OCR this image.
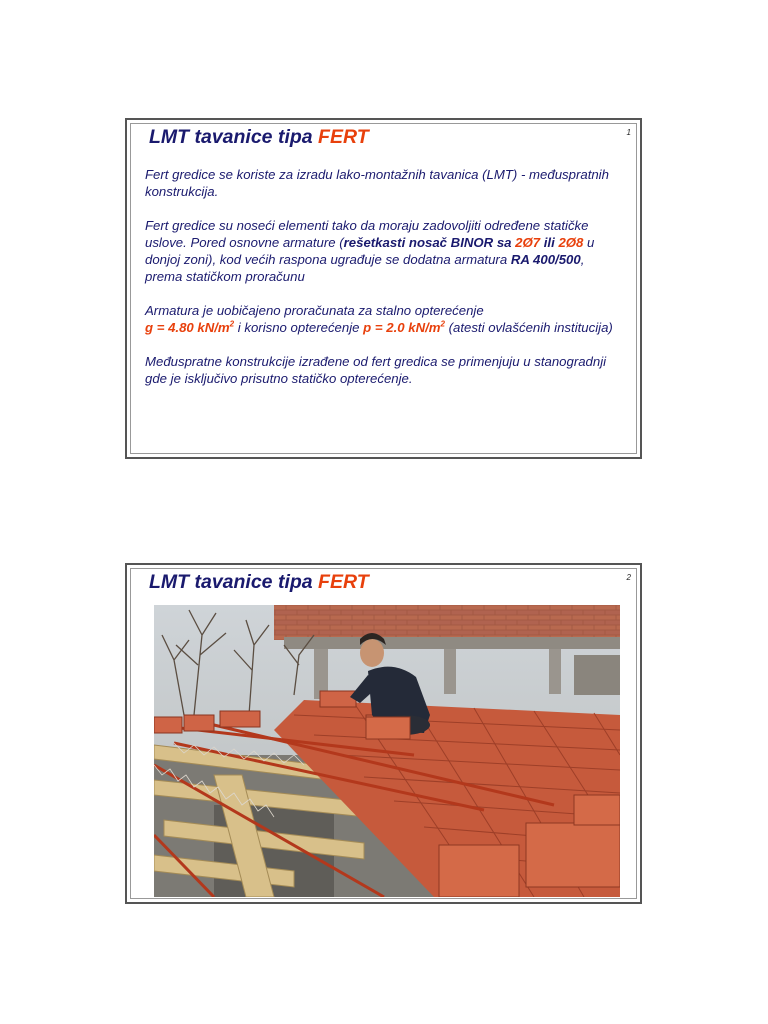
LMT tavanice tipa FERT	1

Fert gredice se koriste za izradu lako-montažnih tavanica (LMT) - međuspratnih konstrukcija.

Fert gredice su noseći elementi tako da moraju zadovoljiti određene statičke uslove. Pored osnovne armature (rešetkasti nosač BINOR sa 2Ø7 ili 2Ø8 u donjoj zoni), kod većih raspona ugrađuje se dodatna armatura RA 400/500, prema statičkom proračunu

Armatura je uobičajeno proračunata za stalno opterećenje
g = 4.80 $kN/m^2$ i korisno opterećenje p = 2.0 $kN/m^2$ (atesti ovlašćenih institucija)

Međuspratne konstrukcije izrađene od fert gredica se primenjuju u stanogradnji gde je isključivo prisutno statičko opterećenje.

LMT tavanice tipa FERT	2
